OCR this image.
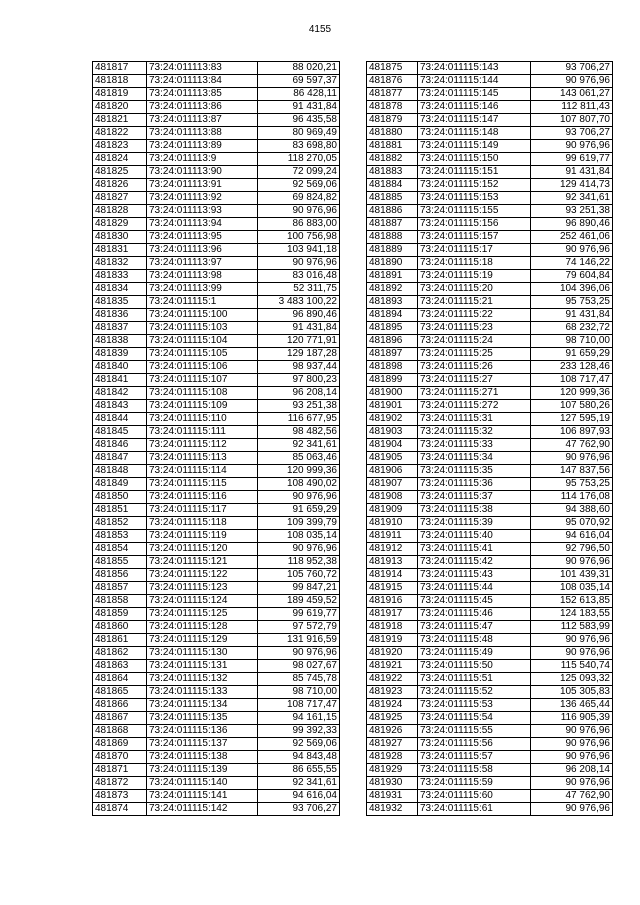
4155
481817	73:24:011113:83	88 020,21
481818	73:24:011113:84	69 597,37
481819	73:24:011113:85	86 428,11
481820	73:24:011113:86	91 431,84
481821	73:24:011113:87	96 435,58
481822	73:24:011113:88	80 969,49
481823	73:24:011113:89	83 698,80
481824	73:24:011113:9	118 270,05
481825	73:24:011113:90	72 099,24
481826	73:24:011113:91	92 569,06
481827	73:24:011113:92	69 824,82
481828	73:24:011113:93	90 976,96
481829	73:24:011113:94	86 883,00
481830	73:24:011113:95	100 756,98
481831	73:24:011113:96	103 941,18
481832	73:24:011113:97	90 976,96
481833	73:24:011113:98	83 016,48
481834	73:24:011113:99	52 311,75
481835	73:24:011115:1	3 483 100,22
481836	73:24:011115:100	96 890,46
481837	73:24:011115:103	91 431,84
481838	73:24:011115:104	120 771,91
481839	73:24:011115:105	129 187,28
481840	73:24:011115:106	98 937,44
481841	73:24:011115:107	97 800,23
481842	73:24:011115:108	96 208,14
481843	73:24:011115:109	93 251,38
481844	73:24:011115:110	116 677,95
481845	73:24:011115:111	98 482,56
481846	73:24:011115:112	92 341,61
481847	73:24:011115:113	85 063,46
481848	73:24:011115:114	120 999,36
481849	73:24:011115:115	108 490,02
481850	73:24:011115:116	90 976,96
481851	73:24:011115:117	91 659,29
481852	73:24:011115:118	109 399,79
481853	73:24:011115:119	108 035,14
481854	73:24:011115:120	90 976,96
481855	73:24:011115:121	118 952,38
481856	73:24:011115:122	105 760,72
481857	73:24:011115:123	99 847,21
481858	73:24:011115:124	189 459,52
481859	73:24:011115:125	99 619,77
481860	73:24:011115:128	97 572,79
481861	73:24:011115:129	131 916,59
481862	73:24:011115:130	90 976,96
481863	73:24:011115:131	98 027,67
481864	73:24:011115:132	85 745,78
481865	73:24:011115:133	98 710,00
481866	73:24:011115:134	108 717,47
481867	73:24:011115:135	94 161,15
481868	73:24:011115:136	99 392,33
481869	73:24:011115:137	92 569,06
481870	73:24:011115:138	94 843,48
481871	73:24:011115:139	86 655,55
481872	73:24:011115:140	92 341,61
481873	73:24:011115:141	94 616,04
481874	73:24:011115:142	93 706,27
481875	73:24:011115:143	93 706,27
481876	73:24:011115:144	90 976,96
481877	73:24:011115:145	143 061,27
481878	73:24:011115:146	112 811,43
481879	73:24:011115:147	107 807,70
481880	73:24:011115:148	93 706,27
481881	73:24:011115:149	90 976,96
481882	73:24:011115:150	99 619,77
481883	73:24:011115:151	91 431,84
481884	73:24:011115:152	129 414,73
481885	73:24:011115:153	92 341,61
481886	73:24:011115:155	93 251,38
481887	73:24:011115:156	96 890,46
481888	73:24:011115:157	252 461,06
481889	73:24:011115:17	90 976,96
481890	73:24:011115:18	74 146,22
481891	73:24:011115:19	79 604,84
481892	73:24:011115:20	104 396,06
481893	73:24:011115:21	95 753,25
481894	73:24:011115:22	91 431,84
481895	73:24:011115:23	68 232,72
481896	73:24:011115:24	98 710,00
481897	73:24:011115:25	91 659,29
481898	73:24:011115:26	233 128,46
481899	73:24:011115:27	108 717,47
481900	73:24:011115:271	120 999,36
481901	73:24:011115:272	107 580,26
481902	73:24:011115:31	127 595,19
481903	73:24:011115:32	106 897,93
481904	73:24:011115:33	47 762,90
481905	73:24:011115:34	90 976,96
481906	73:24:011115:35	147 837,56
481907	73:24:011115:36	95 753,25
481908	73:24:011115:37	114 176,08
481909	73:24:011115:38	94 388,60
481910	73:24:011115:39	95 070,92
481911	73:24:011115:40	94 616,04
481912	73:24:011115:41	92 796,50
481913	73:24:011115:42	90 976,96
481914	73:24:011115:43	101 439,31
481915	73:24:011115:44	108 035,14
481916	73:24:011115:45	152 613,85
481917	73:24:011115:46	124 183,55
481918	73:24:011115:47	112 583,99
481919	73:24:011115:48	90 976,96
481920	73:24:011115:49	90 976,96
481921	73:24:011115:50	115 540,74
481922	73:24:011115:51	125 093,32
481923	73:24:011115:52	105 305,83
481924	73:24:011115:53	136 465,44
481925	73:24:011115:54	116 905,39
481926	73:24:011115:55	90 976,96
481927	73:24:011115:56	90 976,96
481928	73:24:011115:57	90 976,96
481929	73:24:011115:58	96 208,14
481930	73:24:011115:59	90 976,96
481931	73:24:011115:60	47 762,90
481932	73:24:011115:61	90 976,96
